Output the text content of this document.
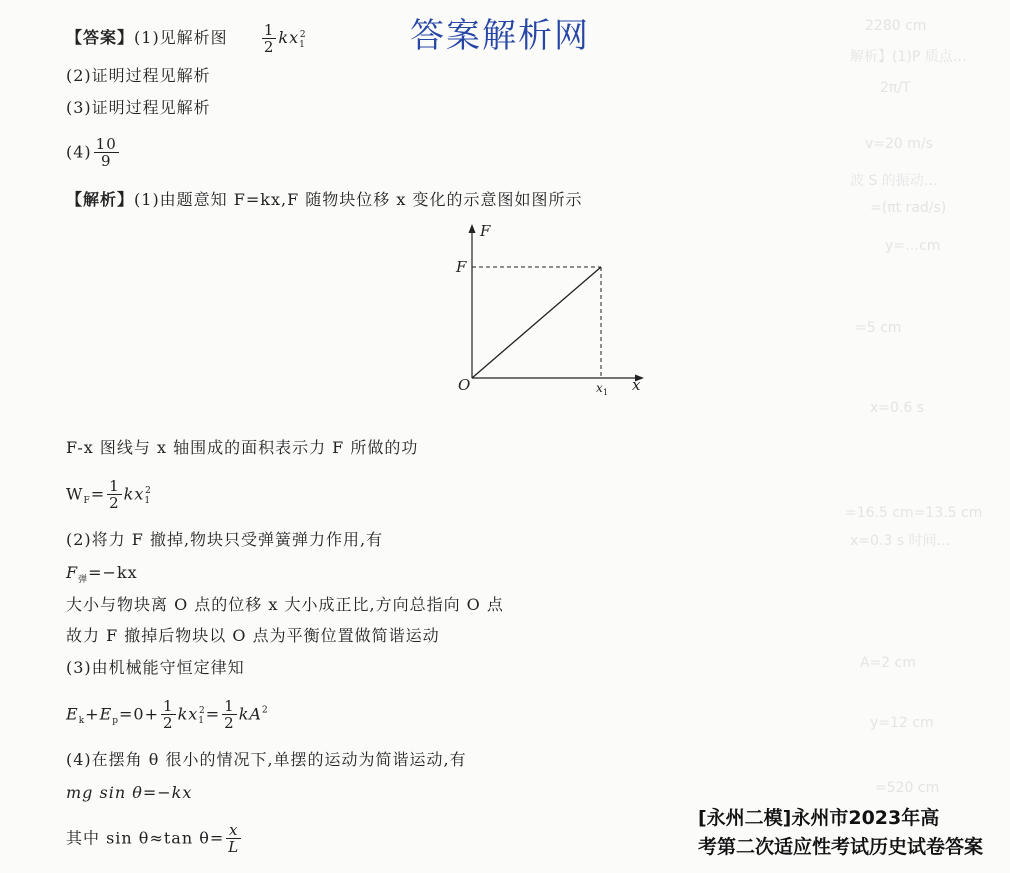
2280 cm
解析】(1)P 质点…
2π/T
v=20 m/s
波 S 的振动…
=(πt rad/s)
y=…cm
=5 cm
x=0.6 s
=16.5 cm=13.5 cm
x=0.3 s 时间…
A=2 cm
y=12 cm
=520 cm
答案解析网
【答案】(1)见解析图 $\frac{1}{2} kx_1^2$
(2)证明过程见解析
(3)证明过程见解析
$(4) \frac{10}{9}$
【解析】(1)由题意知 F=kx,F 随物块位移 x 变化的示意图如图所示
F
x
O
F
x 1
F-x 图线与 x 轴围成的面积表示力 F 所做的功
$W_F= \frac{1}{2} kx_1^2$
(2)将力 F 撤掉,物块只受弹簧弹力作用,有
$F_弹=-kx$
大小与物块离 O 点的位移 x 大小成正比,方向总指向 O 点
故力 F 撤掉后物块以 O 点为平衡位置做简谐运动
(3)由机械能守恒定律知
$E_k+E_p=0+ \frac{1}{2} kx_1^2= \frac{1}{2} kA^2$
(4)在摆角 θ 很小的情况下,单摆的运动为简谐运动,有
mg sin θ=−kx
其中 sin θ≈tan $\theta= \frac{x}{L}$
[永州二模]永州市2023年高
考第二次适应性考试历史试卷答案
